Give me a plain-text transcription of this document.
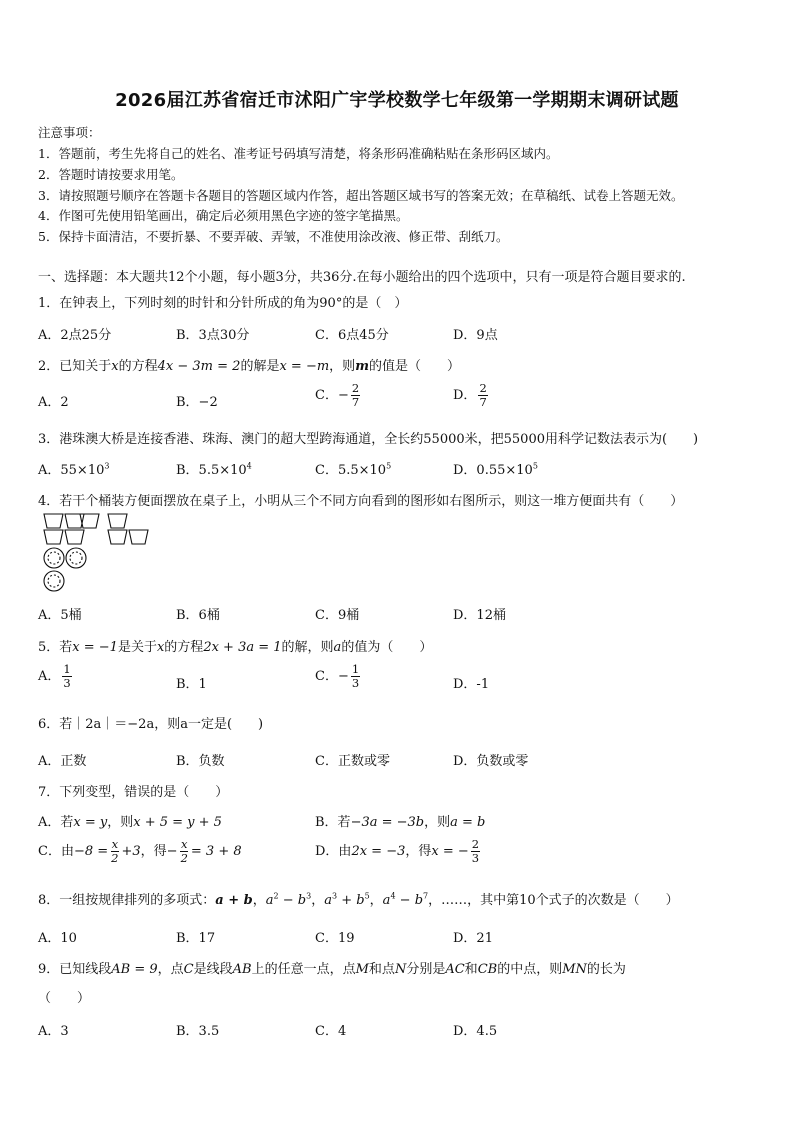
2026届江苏省宿迁市沭阳广宇学校数学七年级第一学期期末调研试题
注意事项：
1．答题前，考生先将自己的姓名、准考证号码填写清楚，将条形码准确粘贴在条形码区域内。
2．答题时请按要求用笔。
3．请按照题号顺序在答题卡各题目的答题区域内作答，超出答题区域书写的答案无效；在草稿纸、试卷上答题无效。
4．作图可先使用铅笔画出，确定后必须用黑色字迹的签字笔描黑。
5．保持卡面清洁，不要折暴、不要弄破、弄皱，不准使用涂改液、修正带、刮纸刀。
一、选择题：本大题共12个小题，每小题3分，共36分.在每小题给出的四个选项中，只有一项是符合题目要求的.
1．在钟表上，下列时刻的时针和分针所成的角为90°的是（　）
A．2点25分	B．3点30分	C．6点45分	D．9点
2．已知关于x的方程4x − 3m = 2的解是x = −m，则m的值是（　　）
A．2	B．−2	C．− $\frac{2}{7}$	D． $\frac{2}{7}$
3．港珠澳大桥是连接香港、珠海、澳门的超大型跨海通道，全长约55000米，把55000用科学记数法表示为(　　)
A．$55\times 10^3$	B．$5.5\times 10^4$	C．$5.5\times 10^5$	D．$0.55\times 10^5$
4．若干个桶装方便面摆放在桌子上，小明从三个不同方向看到的图形如右图所示，则这一堆方便面共有（　　）
A．5桶	B．6桶	C．9桶	D．12桶
5．若x = −1是关于x的方程2x + 3a = 1的解，则a的值为（　　）
A． $\frac{1}{3}$	B．1
C．− $\frac{1}{3}$	D．-1
6．若｜2a｜＝−2a，则a一定是(　　)
A．正数	B．负数	C．正数或零	D．负数或零
7．下列变型，错误的是（　　）
A．若x = y，则x + 5 = y + 5	B．若−3a = −3b，则a = b
C．由$-8 = \frac{x}{2} +3$，得− $\frac{x}{2} = 3 + 8$	D．由2x = −3，得x = − $\frac{2}{3}$
8．一组按规律排列的多项式：a + b，$a^2 - b^3$，$a^3 + b^5$，$a^4 - b^7$，……，其中第10个式子的次数是（　　）
A．10	B．17	C．19	D．21
9．已知线段AB = 9，点C是线段AB上的任意一点，点M和点N分别是AC和CB的中点，则MN的长为
（　　）
A．3	B．3.5	C．4	D．4.5
